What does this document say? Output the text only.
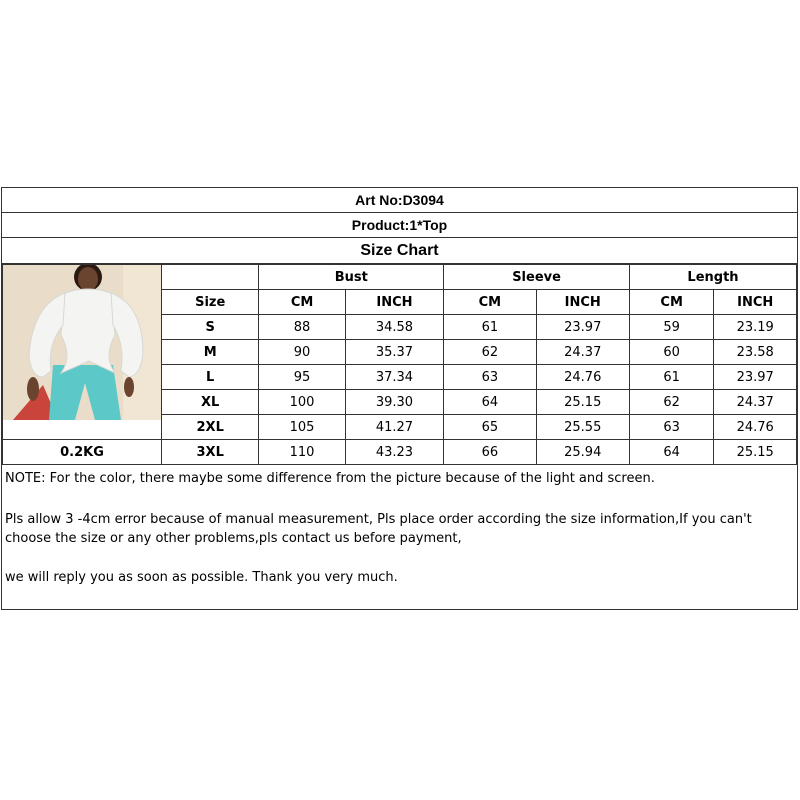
Art No:D3094
Product:1*Top
Size Chart
		Bust		Sleeve		Length	
	Size	CM	INCH	CM	INCH	CM	INCH
	S	88	34.58	61	23.97	59	23.19
	M	90	35.37	62	24.37	60	23.58
	L	95	37.34	63	24.76	61	23.97
	XL	100	39.30	64	25.15	62	24.37
	2XL	105	41.27	65	25.55	63	24.76
0.2KG	3XL	110	43.23	66	25.94	64	25.15

NOTE: For the color, there maybe some difference from the picture because of the light and screen.

Pls allow 3 -4cm error because of manual measurement, Pls place order according the size information,If you can't choose the size or any other problems,pls contact us before payment,

we will reply you as soon as possible. Thank you very much.
